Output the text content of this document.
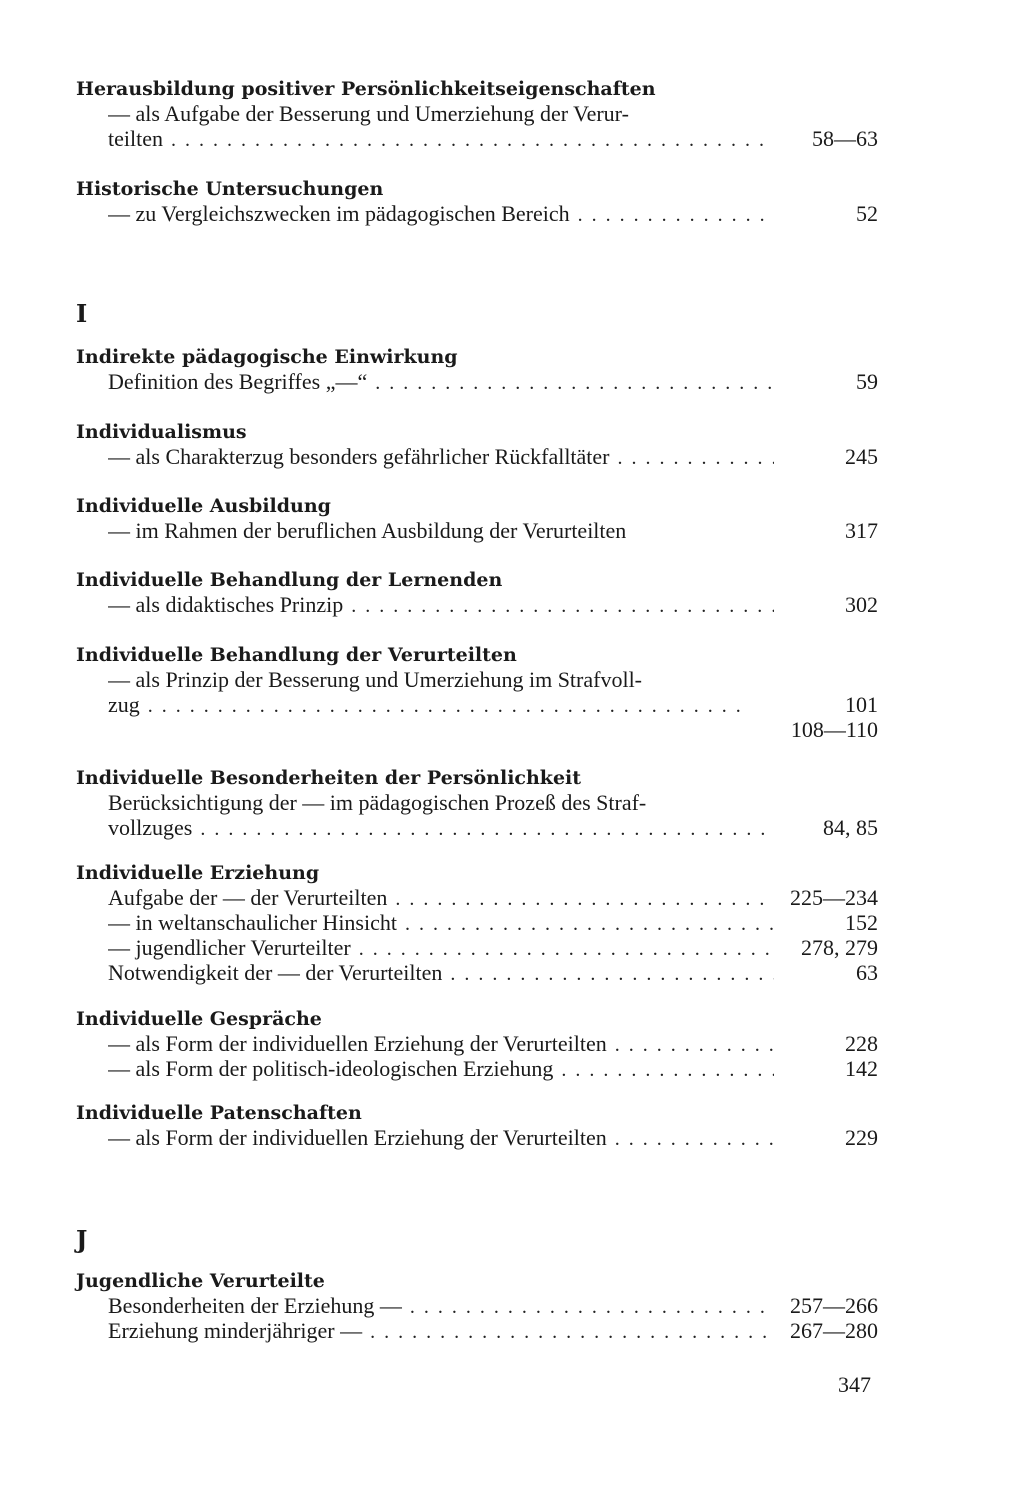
Herausbildung positiver Persönlichkeitseigenschaften
— als Aufgabe der Besserung und Umerziehung der Verur-
teilten . . .	58—63
Historische Untersuchungen
— zu Vergleichszwecken im pädagogischen Bereich . . .	52
I
Indirekte pädagogische Einwirkung
Definition des Begriffes „—“ . . .	59
Individualismus
— als Charakterzug besonders gefährlicher Rückfalltäter . . .	245
Individuelle Ausbildung
— im Rahmen der beruflichen Ausbildung der Verurteilten	317
Individuelle Behandlung der Lernenden
— als didaktisches Prinzip . . .	302
Individuelle Behandlung der Verurteilten
— als Prinzip der Besserung und Umerziehung im Strafvoll-
zug . . .	101
108—110
Individuelle Besonderheiten der Persönlichkeit
Berücksichtigung der — im pädagogischen Prozeß des Straf-
vollzuges . . .	84, 85
Individuelle Erziehung
Aufgabe der — der Verurteilten . . .	225—234
— in weltanschaulicher Hinsicht . . .	152
— jugendlicher Verurteilter . . .	278, 279
Notwendigkeit der — der Verurteilten . . .	63
Individuelle Gespräche
— als Form der individuellen Erziehung der Verurteilten . . .	228
— als Form der politisch-ideologischen Erziehung . . .	142
Individuelle Patenschaften
— als Form der individuellen Erziehung der Verurteilten . . .	229
J
Jugendliche Verurteilte
Besonderheiten der Erziehung — . . .	257—266
Erziehung minderjähriger — . . .	267—280
347
